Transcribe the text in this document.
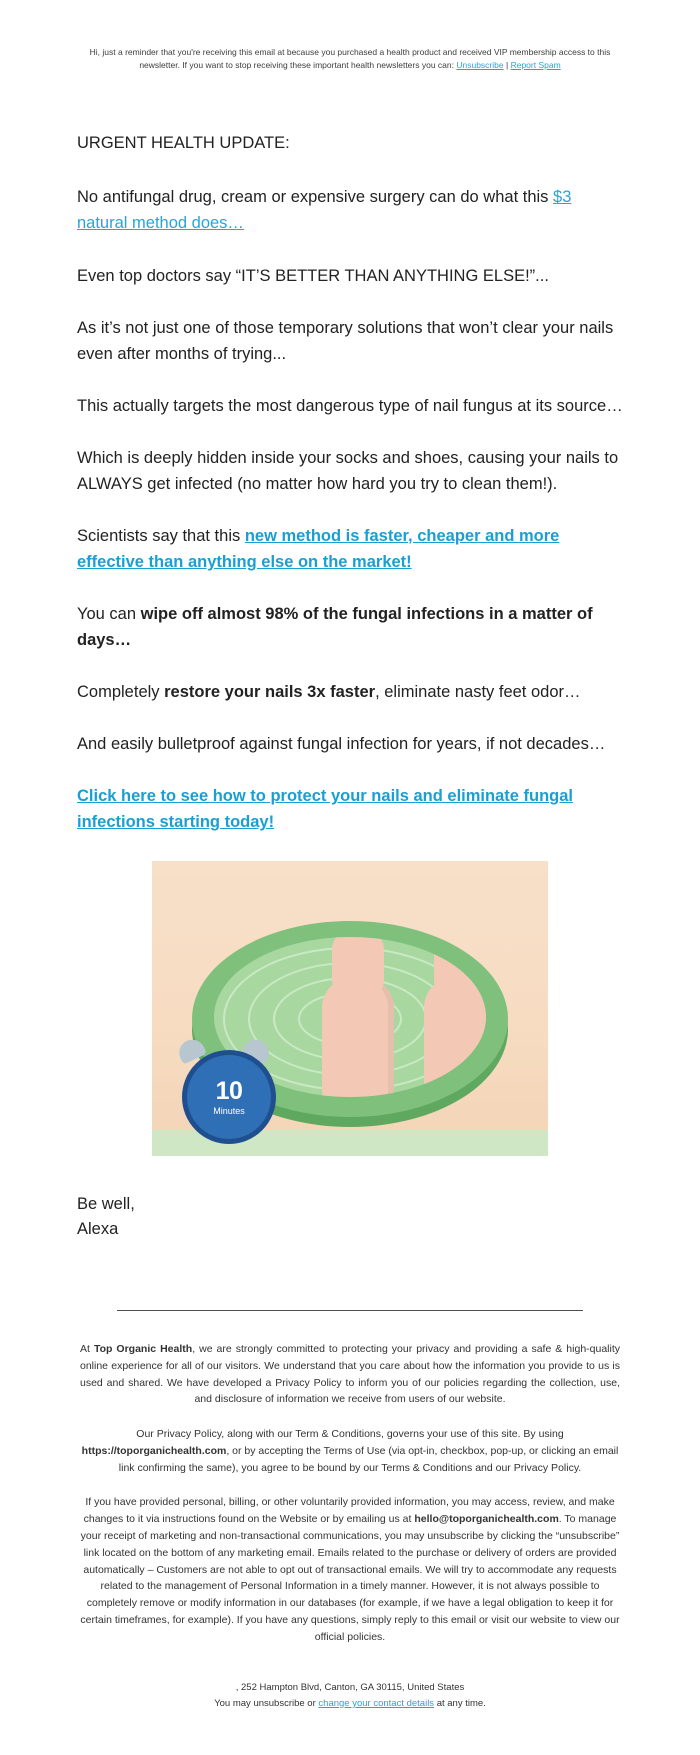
Hi, just a reminder that you're receiving this email at because you purchased a health product and received VIP membership access to this newsletter. If you want to stop receiving these important health newsletters you can: Unsubscribe | Report Spam

URGENT HEALTH UPDATE:

No antifungal drug, cream or expensive surgery can do what this $3 natural method does…

Even top doctors say “IT’S BETTER THAN ANYTHING ELSE!”...

As it’s not just one of those temporary solutions that won’t clear your nails even after months of trying...

This actually targets the most dangerous type of nail fungus at its source…

Which is deeply hidden inside your socks and shoes, causing your nails to ALWAYS get infected (no matter how hard you try to clean them!).

Scientists say that this new method is faster, cheaper and more effective than anything else on the market!

You can wipe off almost 98% of the fungal infections in a matter of days…

Completely restore your nails 3x faster, eliminate nasty feet odor…

And easily bulletproof against fungal infection for years, if not decades…

Click here to see how to protect your nails and eliminate fungal infections starting today!

10
Minutes
Be well,
Alexa

At Top Organic Health, we are strongly committed to protecting your privacy and providing a safe & high-quality online experience for all of our visitors. We understand that you care about how the information you provide to us is used and shared. We have developed a Privacy Policy to inform you of our policies regarding the collection, use, and disclosure of information we receive from users of our website.

Our Privacy Policy, along with our Term & Conditions, governs your use of this site. By using https://toporganichealth.com, or by accepting the Terms of Use (via opt-in, checkbox, pop-up, or clicking an email link confirming the same), you agree to be bound by our Terms & Conditions and our Privacy Policy.

If you have provided personal, billing, or other voluntarily provided information, you may access, review, and make changes to it via instructions found on the Website or by emailing us at hello@toporganichealth.com. To manage your receipt of marketing and non-transactional communications, you may unsubscribe by clicking the “unsubscribe” link located on the bottom of any marketing email. Emails related to the purchase or delivery of orders are provided automatically – Customers are not able to opt out of transactional emails. We will try to accommodate any requests related to the management of Personal Information in a timely manner. However, it is not always possible to completely remove or modify information in our databases (for example, if we have a legal obligation to keep it for certain timeframes, for example). If you have any questions, simply reply to this email or visit our website to view our official policies.

, 252 Hampton Blvd, Canton, GA 30115, United States
You may unsubscribe or change your contact details at any time.
